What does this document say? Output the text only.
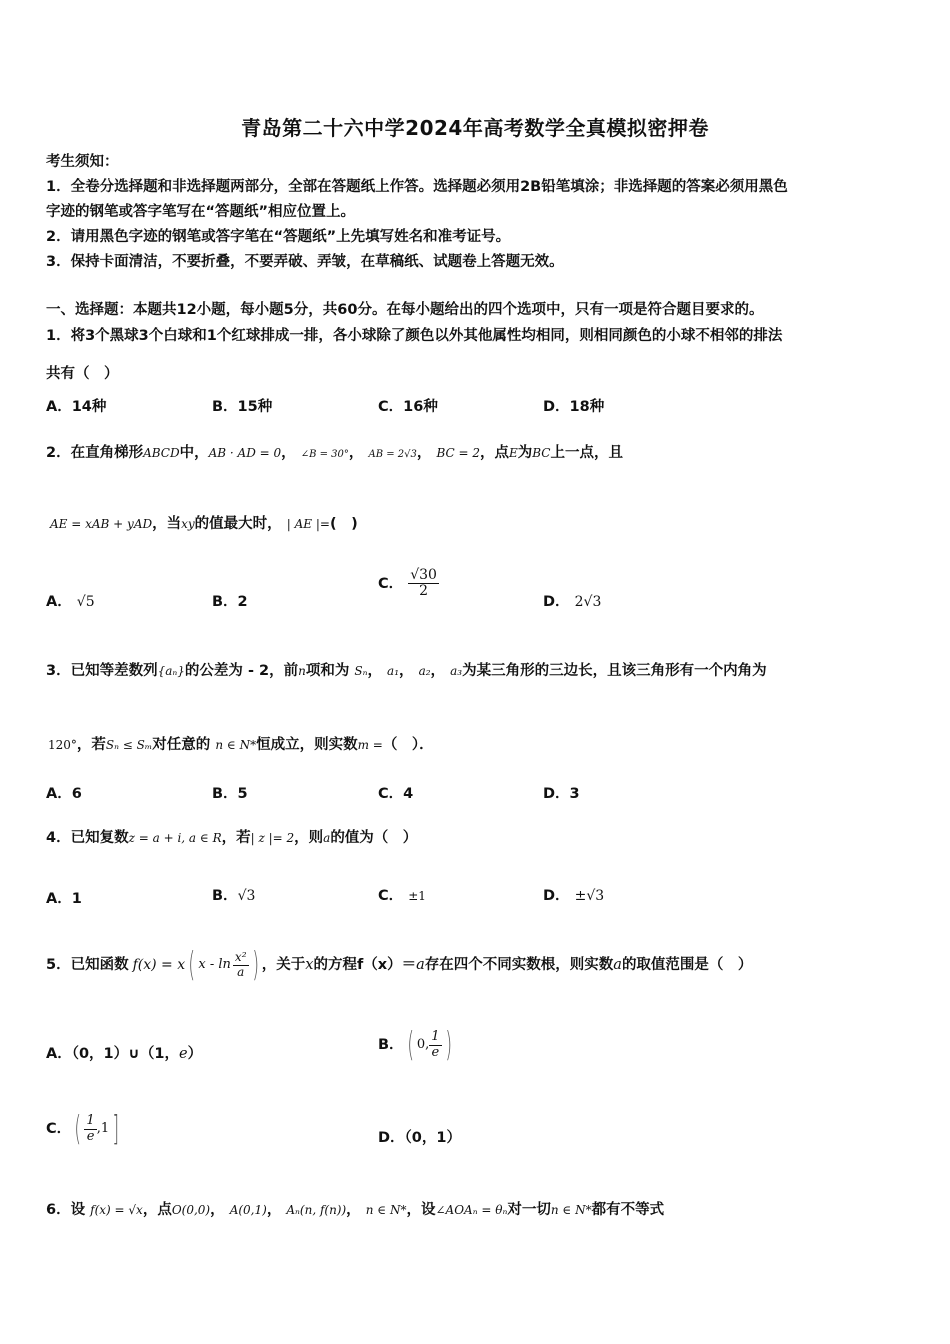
青岛第二十六中学2024年高考数学全真模拟密押卷
考生须知：
1．全卷分选择题和非选择题两部分，全部在答题纸上作答。选择题必须用2B铅笔填涂；非选择题的答案必须用黑色
字迹的钢笔或答字笔写在“答题纸”相应位置上。
2．请用黑色字迹的钢笔或答字笔在“答题纸”上先填写姓名和准考证号。
3．保持卡面清洁，不要折叠，不要弄破、弄皱，在草稿纸、试题卷上答题无效。
一、选择题：本题共12小题，每小题5分，共60分。在每小题给出的四个选项中，只有一项是符合题目要求的。
1．将3个黑球3个白球和1个红球排成一排，各小球除了颜色以外其他属性均相同，则相同颜色的小球不相邻的排法
共有（　）
A．14种	B．15种	C．16种	D．18种
2．在直角梯形ABCD中，AB · AD = 0， ∠B = 30°， AB = 2√3， BC = 2，点E为BC上一点，且
AE = xAB + yAD，当xy的值最大时， | AE |=(　)
A． √5	B．2
C． $\frac{√30}{2}$
D． 2√3
3．已知等差数列{aₙ}的公差为 - 2，前n项和为 Sₙ， a₁， a₂， a₃为某三角形的三边长，且该三角形有一个内角为
120°，若Sₙ ≤ Sₘ对任意的 n ∈ N*恒成立，则实数m =（　）．
A．6	B．5	C．4	D．3
4．已知复数z = a + i, a ∈ R，若| z |= 2，则a的值为（　）
A．1	B．√3	C． ±1	D． ±√3
5．已知函数 f(x) = x ( x - $\ln \frac{\text{x²}}{a}$ ) ，关于 x 的方程f（x）＝ a 存在四个不同实数根，则实数 a 的取值范围是（　）
A．（0，1）∪（1，e）
B． ( 0, $\frac{1}{e}$ )
C． ( $\frac{1}{e} ,1$ ]	D．（0，1）
6．设 f(x) = √x，点O(0,0)， A(0,1)， Aₙ(n, f(n))， n ∈ N*，设∠AOAₙ = θₙ对一切n ∈ N*都有不等式
